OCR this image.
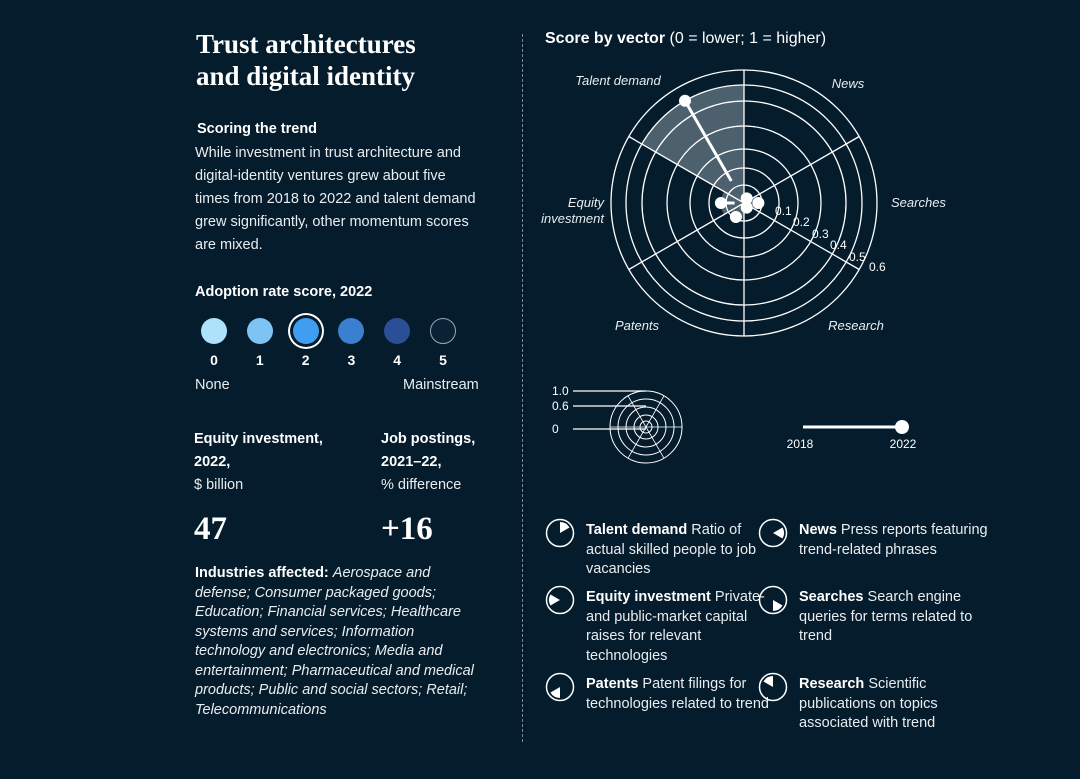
Trust architectures
and digital identity
Scoring the trend
While investment in trust architecture and digital-identity ventures grew about five times from 2018 to 2022 and talent demand grew significantly, other momentum scores are mixed.
Adoption rate score, 2022
0	1	2	3	4	5
None	Mainstream
Equity investment,
2022,
$ billion
47
Job postings,
2021–22,
% difference
+16
Industries affected: Aerospace and defense; Consumer packaged goods; Education; Financial services; Healthcare systems and services; Information technology and electronics; Media and entertainment; Pharmaceutical and medical products; Public and social sectors; Retail; Telecommunications
Score by vector (0 = lower; 1 = higher)
0.1
0.2
0.3
0.4
0.5
0.6
Talent demand	News
Searches
Research
Patents
Equity
investment
1.0
0.6
0
2018	2022
Talent demand Ratio of actual skilled people to job vacancies
News Press reports featuring trend-related phrases
Equity investment Private- and public-market capital raises for relevant technologies
Searches Search engine queries for terms related to trend
Patents Patent filings for technologies related to trend
Research Scientific publications on topics associated with trend
